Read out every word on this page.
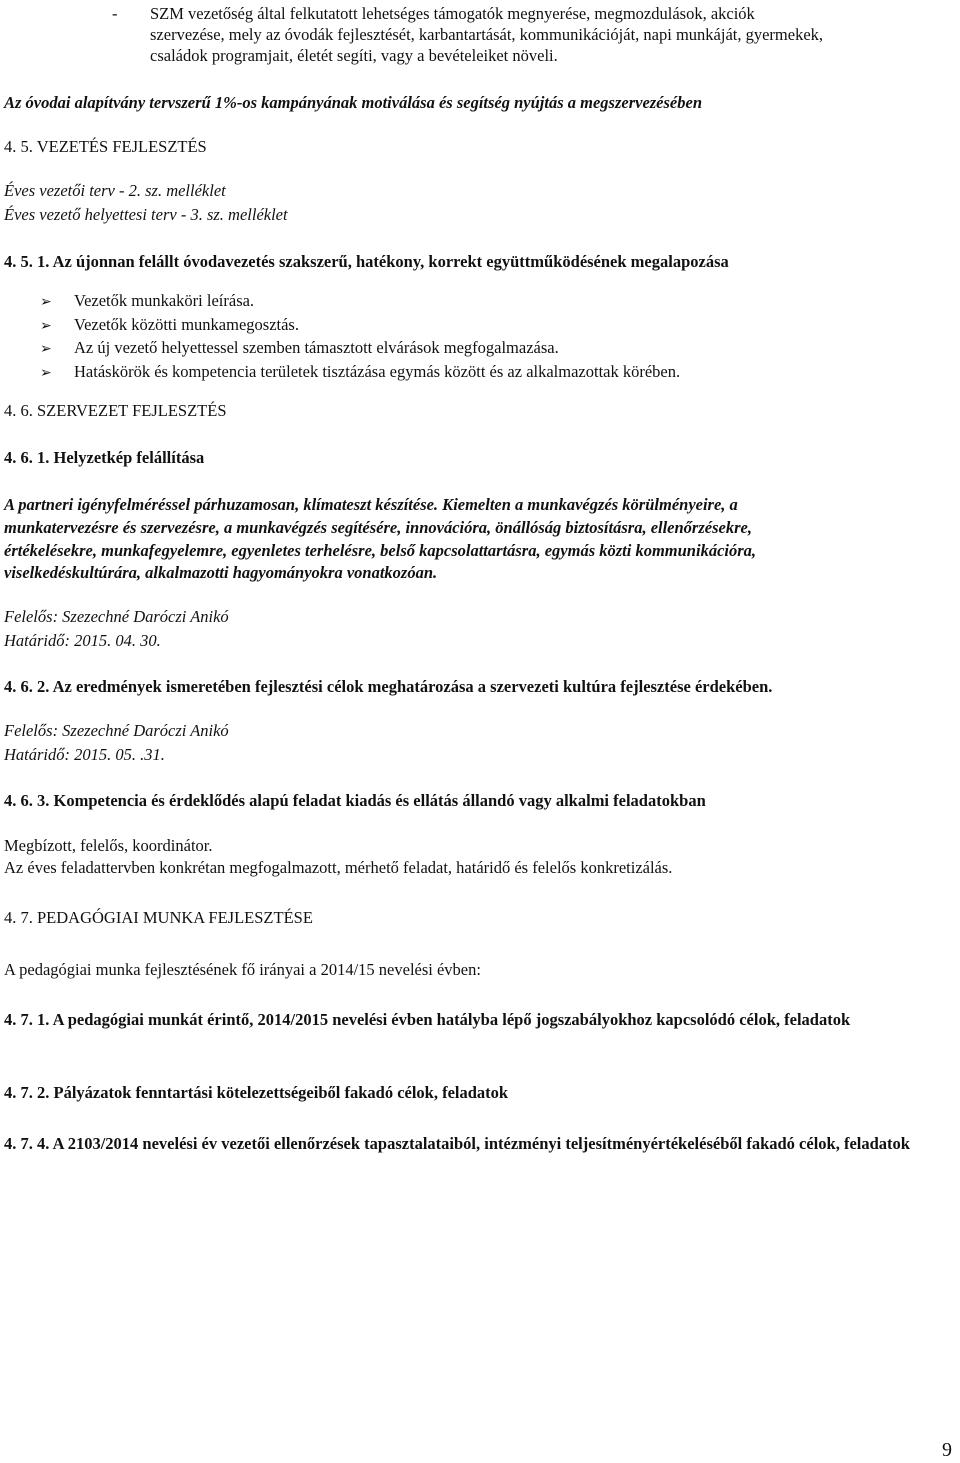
- SZM vezetőség által felkutatott lehetséges támogatók megnyerése, megmozdulások, akciók
szervezése, mely az óvodák fejlesztését, karbantartását, kommunikációját, napi munkáját, gyermekek,
családok programjait, életét segíti, vagy a bevételeiket növeli.
Az óvodai alapítvány tervszerű 1%-os kampányának motiválása és segítség nyújtás a megszervezésében
4. 5. VEZETÉS FEJLESZTÉS
Éves vezetői terv - 2. sz. melléklet
Éves vezető helyettesi terv - 3. sz. melléklet
4. 5. 1. Az újonnan felállt óvodavezetés szakszerű, hatékony, korrekt együttműködésének megalapozása
➢ Vezetők munkaköri leírása.
➢ Vezetők közötti munkamegosztás.
➢ Az új vezető helyettessel szemben támasztott elvárások megfogalmazása.
➢ Hatáskörök és kompetencia területek tisztázása egymás között és az alkalmazottak körében.
4. 6. SZERVEZET FEJLESZTÉS
4. 6. 1. Helyzetkép felállítása
A partneri igényfelméréssel párhuzamosan, klímateszt készítése. Kiemelten a munkavégzés körülményeire, a
munkatervezésre és szervezésre, a munkavégzés segítésére, innovációra, önállóság biztosításra, ellenőrzésekre,
értékelésekre, munkafegyelemre, egyenletes terhelésre, belső kapcsolattartásra, egymás közti kommunikációra,
viselkedéskultúrára, alkalmazotti hagyományokra vonatkozóan.
Felelős: Szezechné Daróczi Anikó
Határidő: 2015. 04. 30.
4. 6. 2. Az eredmények ismeretében fejlesztési célok meghatározása a szervezeti kultúra fejlesztése érdekében.
Felelős: Szezechné Daróczi Anikó
Határidő: 2015. 05. .31.
4. 6. 3. Kompetencia és érdeklődés alapú feladat kiadás és ellátás állandó vagy alkalmi feladatokban
Megbízott, felelős, koordinátor.
Az éves feladattervben konkrétan megfogalmazott, mérhető feladat, határidő és felelős konkretizálás.
4. 7. PEDAGÓGIAI MUNKA FEJLESZTÉSE
A pedagógiai munka fejlesztésének fő irányai a 2014/15 nevelési évben:
4. 7. 1. A pedagógiai munkát érintő, 2014/2015 nevelési évben hatályba lépő jogszabályokhoz kapcsolódó célok, feladatok
4. 7. 2. Pályázatok fenntartási kötelezettségeiből fakadó célok, feladatok
4. 7. 4. A 2103/2014 nevelési év vezetői ellenőrzések tapasztalataiból, intézményi teljesítményértékeléséből fakadó célok, feladatok
9
